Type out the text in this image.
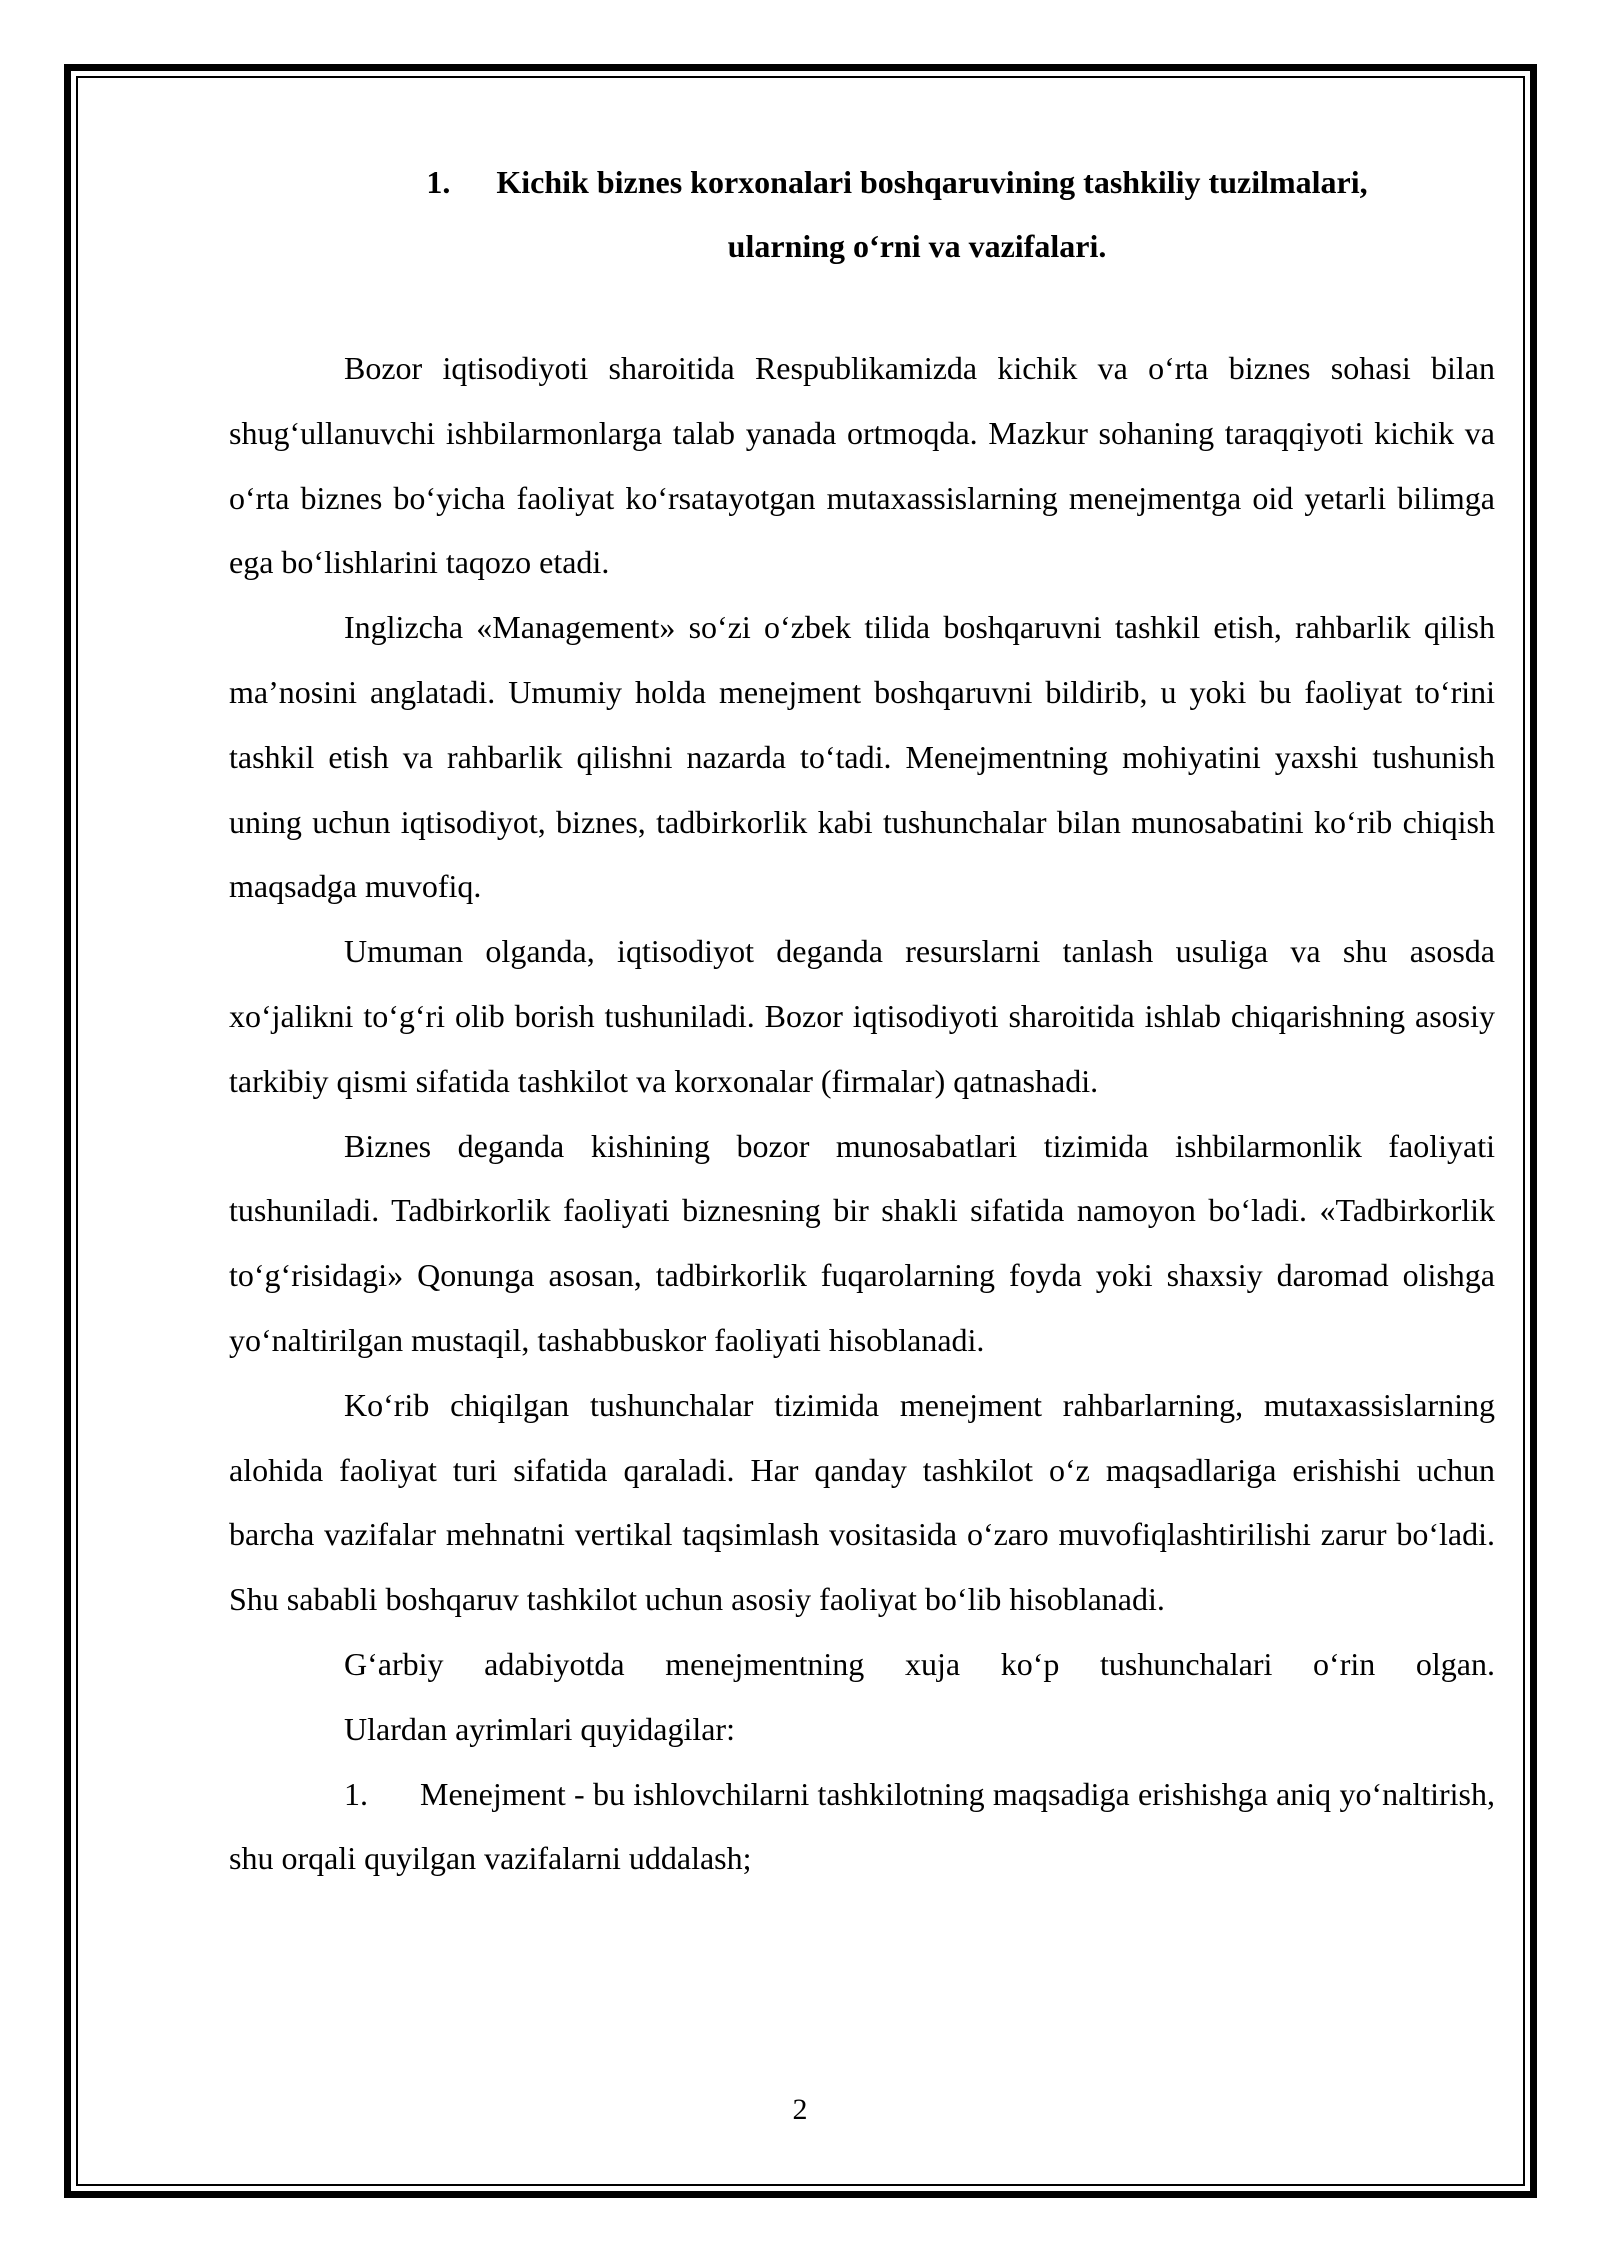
1. Kichik biznes korxonalari boshqaruvining tashkiliy tuzilmalari,
ularning o‘rni va vazifalari.

Bozor iqtisodiyoti sharoitida Respublikamizda kichik va o‘rta biznes sohasi bilan shug‘ullanuvchi ishbilarmonlarga talab yanada ortmoqda. Mazkur sohaning taraqqiyoti kichik va o‘rta biznes bo‘yicha faoliyat ko‘rsatayotgan mutaxassislarning menejmentga oid yetarli bilimga ega bo‘lishlarini taqozo etadi.

Inglizcha «Management» so‘zi o‘zbek tilida boshqaruvni tashkil etish, rahbarlik qilish ma’nosini anglatadi. Umumiy holda menejment boshqaruvni bildirib, u yoki bu faoliyat to‘rini tashkil etish va rahbarlik qilishni nazarda to‘tadi. Menejmentning mohiyatini yaxshi tushunish uning uchun iqtisodiyot, biznes, tadbirkorlik kabi tushunchalar bilan munosabatini ko‘rib chiqish maqsadga muvofiq.

Umuman olganda, iqtisodiyot deganda resurslarni tanlash usuliga va shu asosda xo‘jalikni to‘g‘ri olib borish tushuniladi. Bozor iqtisodiyoti sharoitida ishlab chiqarishning asosiy tarkibiy qismi sifatida tashkilot va korxonalar (firmalar) qatnashadi.

Biznes deganda kishining bozor munosabatlari tizimida ishbilarmonlik faoliyati tushuniladi. Tadbirkorlik faoliyati biznesning bir shakli sifatida namoyon bo‘ladi. «Tadbirkorlik to‘g‘risidagi» Qonunga asosan, tadbirkorlik fuqarolarning foyda yoki shaxsiy daromad olishga yo‘naltirilgan mustaqil, tashabbuskor faoliyati hisoblanadi.

Ko‘rib chiqilgan tushunchalar tizimida menejment rahbarlarning, mutaxassislarning alohida faoliyat turi sifatida qaraladi. Har qanday tashkilot o‘z maqsadlariga erishishi uchun barcha vazifalar mehnatni vertikal taqsimlash vositasida o‘zaro muvofiqlashtirilishi zarur bo‘ladi. Shu sababli boshqaruv tashkilot uchun asosiy faoliyat bo‘lib hisoblanadi.

G‘arbiy adabiyotda menejmentning xuja ko‘p tushunchalari o‘rin olgan.

Ulardan ayrimlari quyidagilar:

1. Menejment - bu ishlovchilarni tashkilotning maqsadiga erishishga aniq yo‘naltirish, shu orqali quyilgan vazifalarni uddalash;

2
